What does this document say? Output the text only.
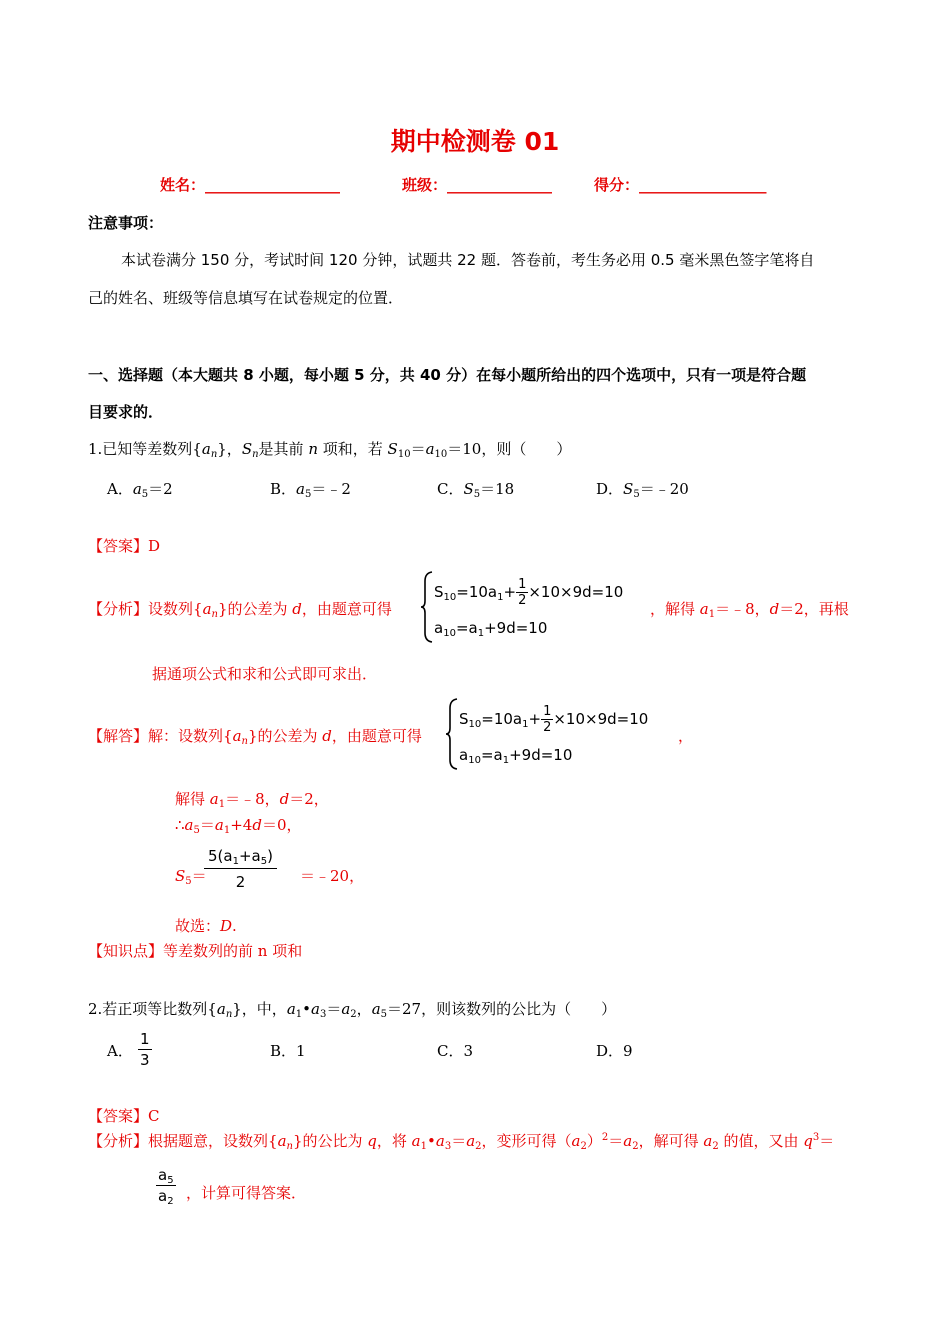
期中检测卷 01
姓名：__________________	班级：______________	得分：_________________
注意事项：
本试卷满分 150 分，考试时间 120 分钟，试题共 22 题．答卷前，考生务必用 0.5 毫米黑色签字笔将自
己的姓名、班级等信息填写在试卷规定的位置．
一、选择题（本大题共 8 小题，每小题 5 分，共 40 分）在每小题所给出的四个选项中，只有一项是符合题
目要求的．
1.已知等差数列$\{a_n\}$，$S_n$是其前 n 项和，若 $S_{10}=a_{10}=10$，则（　　）
A．$a_5=2$	B．$a_5=﹣2$	C．$S_5=18$	D．$S_5=﹣20$
【答案】D
【分析】设数列$\{a_n\}$的公差为 d，由题意可得
$S_{10}=10a_1+ \frac{1}{2} \times 10\times 9d=10$
$a_{10}=a_1+9d=10$
，解得 $a_1=﹣8$，d＝2，再根
据通项公式和求和公式即可求出．
【解答】解：设数列$\{a_n\}$的公差为 d，由题意可得
$S_{10}=10a_1+ \frac{1}{2} \times 10\times 9d=10$
$a_{10}=a_1+9d=10$
，
解得 $a_1=﹣8$，d＝2，
$\therefore a_5=a_1+4d=0$，
$S_5=$
$\frac{5(a_1+a_5)}{2}$ ＝﹣20，
故选：D.
【知识点】等差数列的前 n 项和
2.若正项等比数列$\{a_n\}$，中，$a_1•a_3=a_2$，$a_5=27$，则该数列的公比为（　　）
A．
1
3	B．1	C．3	D．9
【答案】C
【分析】根据题意，设数列$\{a_n\}$的公比为 q，将 $a_1•a_3=a_2$，变形可得$(a_2)^2=a_2$，解可得 $a_2$ 的值，又由 $q^3=$
$\frac{a_5}{a_2}$ ，计算可得答案．
